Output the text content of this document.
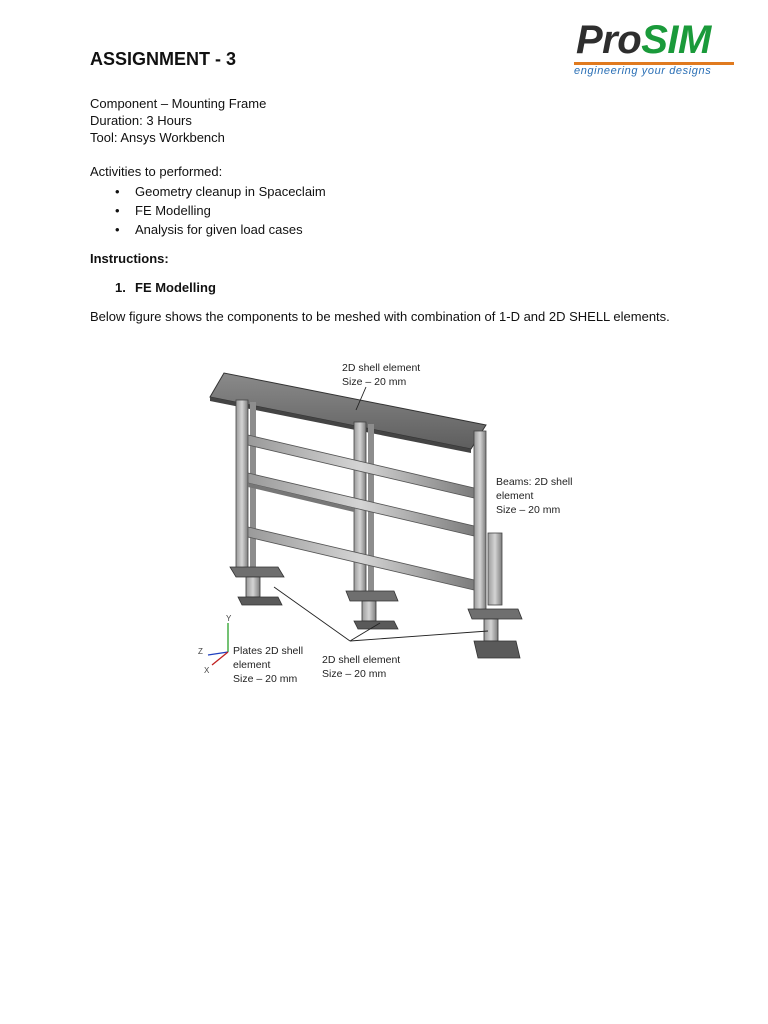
ProSIM
engineering your designs
ASSIGNMENT - 3
Component – Mounting Frame
Duration: 3 Hours
Tool: Ansys Workbench
Activities to performed:
• Geometry cleanup in Spaceclaim
• FE Modelling
• Analysis for given load cases
Instructions:
1. FE Modelling
Below figure shows the components to be meshed with combination of 1-D and 2D SHELL elements.
Y
Z
X
2D shell element
Size – 20 mm
Beams: 2D shell
element
Size – 20 mm
Plates 2D shell
element
Size – 20 mm
2D shell element
Size – 20 mm
